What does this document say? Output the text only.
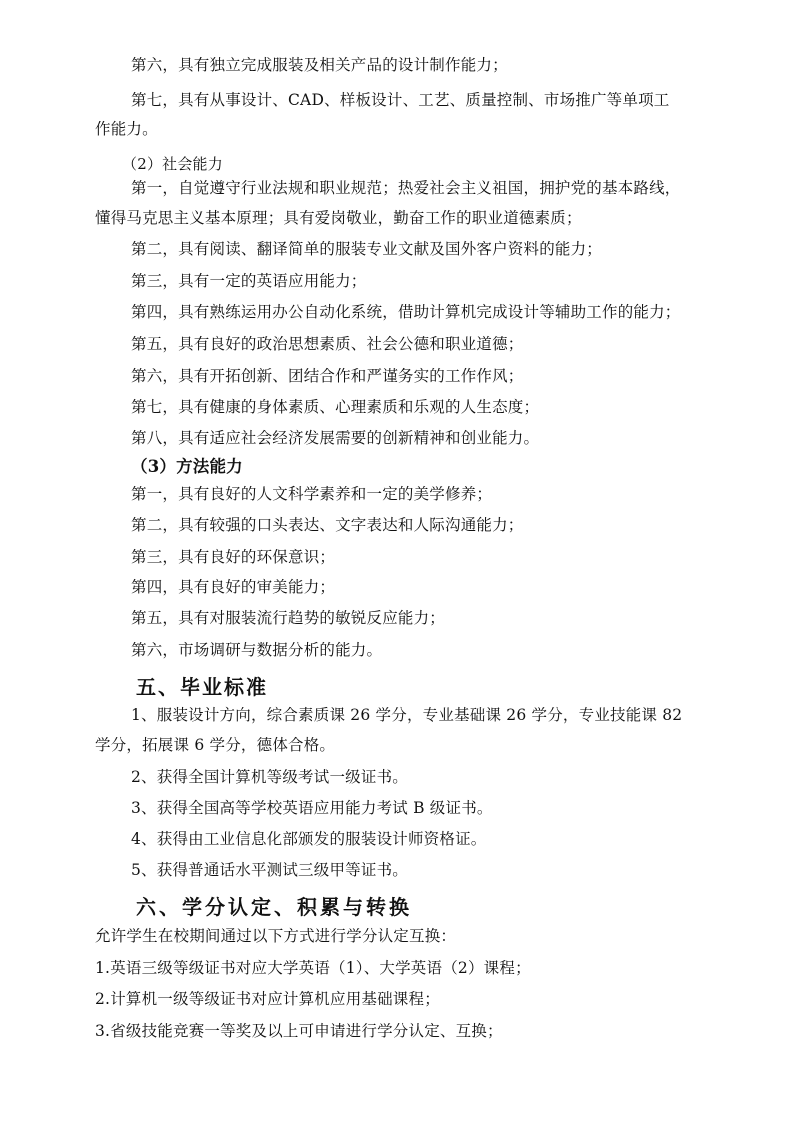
第六，具有独立完成服装及相关产品的设计制作能力；
第七，具有从事设计、CAD、样板设计、工艺、质量控制、市场推广等单项工
作能力。
（2）社会能力
第一，自觉遵守行业法规和职业规范；热爱社会主义祖国，拥护党的基本路线，
懂得马克思主义基本原理；具有爱岗敬业，勤奋工作的职业道德素质；
第二，具有阅读、翻译简单的服装专业文献及国外客户资料的能力；
第三，具有一定的英语应用能力；
第四，具有熟练运用办公自动化系统，借助计算机完成设计等辅助工作的能力；
第五，具有良好的政治思想素质、社会公德和职业道德；
第六，具有开拓创新、团结合作和严谨务实的工作作风；
第七，具有健康的身体素质、心理素质和乐观的人生态度；
第八，具有适应社会经济发展需要的创新精神和创业能力。
（3）方法能力
第一，具有良好的人文科学素养和一定的美学修养；
第二，具有较强的口头表达、文字表达和人际沟通能力；
第三，具有良好的环保意识；
第四，具有良好的审美能力；
第五，具有对服装流行趋势的敏锐反应能力；
第六，市场调研与数据分析的能力。
五、毕业标准
1、服装设计方向，综合素质课 26 学分，专业基础课 26 学分，专业技能课 82
学分，拓展课 6 学分，德体合格。
2、获得全国计算机等级考试一级证书。
3、获得全国高等学校英语应用能力考试 B 级证书。
4、获得由工业信息化部颁发的服装设计师资格证。
5、获得普通话水平测试三级甲等证书。
六、学分认定、积累与转换
允许学生在校期间通过以下方式进行学分认定互换：
1.英语三级等级证书对应大学英语（1）、大学英语（2）课程；
2.计算机一级等级证书对应计算机应用基础课程；
3.省级技能竞赛一等奖及以上可申请进行学分认定、互换；
